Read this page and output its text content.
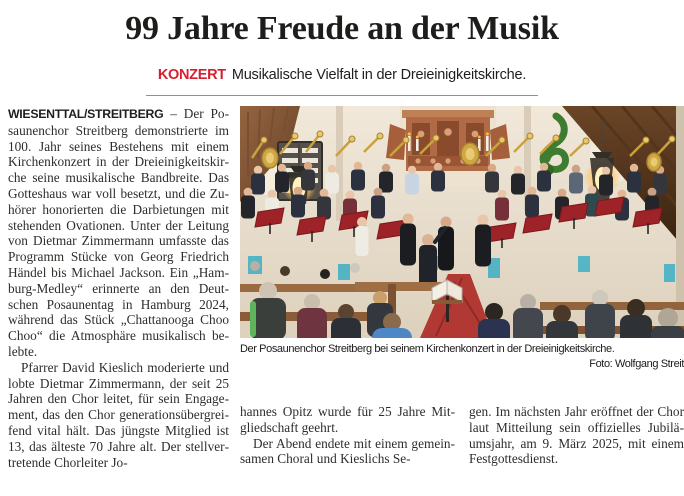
99 Jahre Freude an der Musik
KONZERT Musikalische Vielfalt in der Dreieinigkeitskirche.

WIESENTTAL/STREITBERG – Der Posaunenchor Streitberg demonstrierte im 100. Jahr seines Bestehens mit einem Kirchenkonzert in der Dreieinigkeitskirche seine musikalische Bandbreite. Das Gotteshaus war voll besetzt, und die Zuhörer honorierten die Darbietungen mit stehenden Ovationen. Unter der Leitung von Dietmar Zimmermann umfasste das Programm Stücke von Georg Friedrich Händel bis Michael Jackson. Ein „Hamburg-Medley“ erinnerte an den Deutschen Posaunentag in Hamburg 2024, während das Stück „Chattanooga Choo Choo“ die Atmosphäre musikalisch belebte.

Pfarrer David Kieslich moderierte und lobte Dietmar Zimmermann, der seit 25 Jahren den Chor leitet, für sein Engagement, das den Chor generationsübergreifend vital hält. Das jüngste Mitglied ist 13, das älteste 70 Jahre alt. Der stellvertretende Chorleiter Jo-

Der Posaunenchor Streitberg bei seinem Kirchenkonzert in der Dreieinigkeitskirche.
Foto: Wolfgang Streit

hannes Opitz wurde für 25 Jahre Mitgliedschaft geehrt.

Der Abend endete mit einem gemeinsamen Choral und Kieslichs Se-

gen. Im nächsten Jahr eröffnet der Chor laut Mitteilung sein offizielles Jubiläumsjahr, am 9. März 2025, mit einem Festgottesdienst.
